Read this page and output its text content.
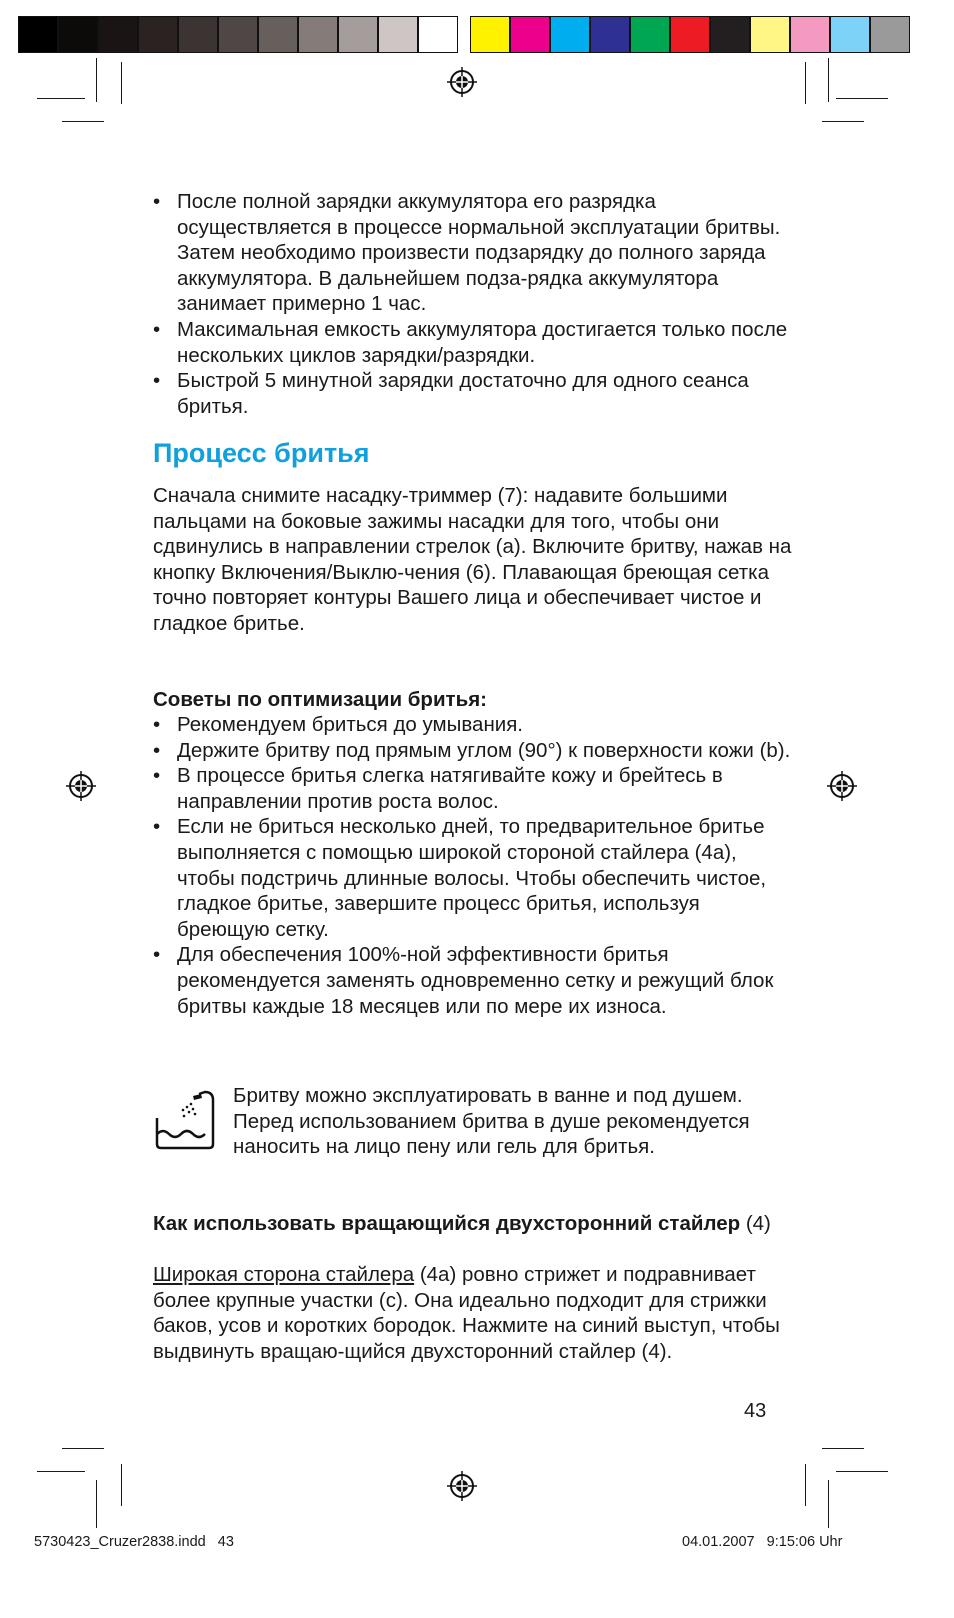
• После полной зарядки аккумулятора его разрядка осуществляется в процессе нормальной эксплуатации бритвы. Затем необходимо произвести подзарядку до полного заряда аккумулятора. В дальнейшем подза-рядка аккумулятора занимает примерно 1 час.
• Максимальная емкость аккумулятора достигается только после нескольких циклов зарядки/разрядки.
• Быстрой 5 минутной зарядки достаточно для одного сеанса бритья.
Процесс бритья

Сначала снимите насадку-триммер (7): надавите большими пальцами на боковые зажимы насадки для того, чтобы они сдвинулись в направлении стрелок (a). Включите бритву, нажав на кнопку Включения/Выклю-чения (6). Плавающая бреющая сетка точно повторяет контуры Вашего лица и обеспечивает чистое и гладкое бритье.

Советы по оптимизации бритья:

• Рекомендуем бриться до умывания.
• Держите бритву под прямым углом (90°) к поверхности кожи (b).
• В процессе бритья слегка натягивайте кожу и брейтесь в направлении против роста волос.
• Если не бриться несколько дней, то предварительное бритье выполняется с помощью широкой стороной стайлера (4a), чтобы подстричь длинные волосы. Чтобы обеспечить чистое, гладкое бритье, завершите процесс бритья, используя бреющую сетку.
• Для обеспечения 100%-ной эффективности бритья рекомендуется заменять одновременно сетку и режущий блок бритвы каждые 18 месяцев или по мере их износа.

Бритву можно эксплуатировать в ванне и под душем. Перед использованием бритва в душе рекомендуется наносить на лицо пену или гель для бритья.

Как использовать вращающийся двухсторонний стайлер (4)

Широкая сторона стайлера (4a) ровно стрижет и подравнивает более крупные участки (c). Она идеально подходит для стрижки баков, усов и коротких бородок. Нажмите на синий выступ, чтобы выдвинуть вращаю-щийся двухсторонний стайлер (4).

43
5730423_Cruzer2838.indd   43	04.01.2007   9:15:06 Uhr
